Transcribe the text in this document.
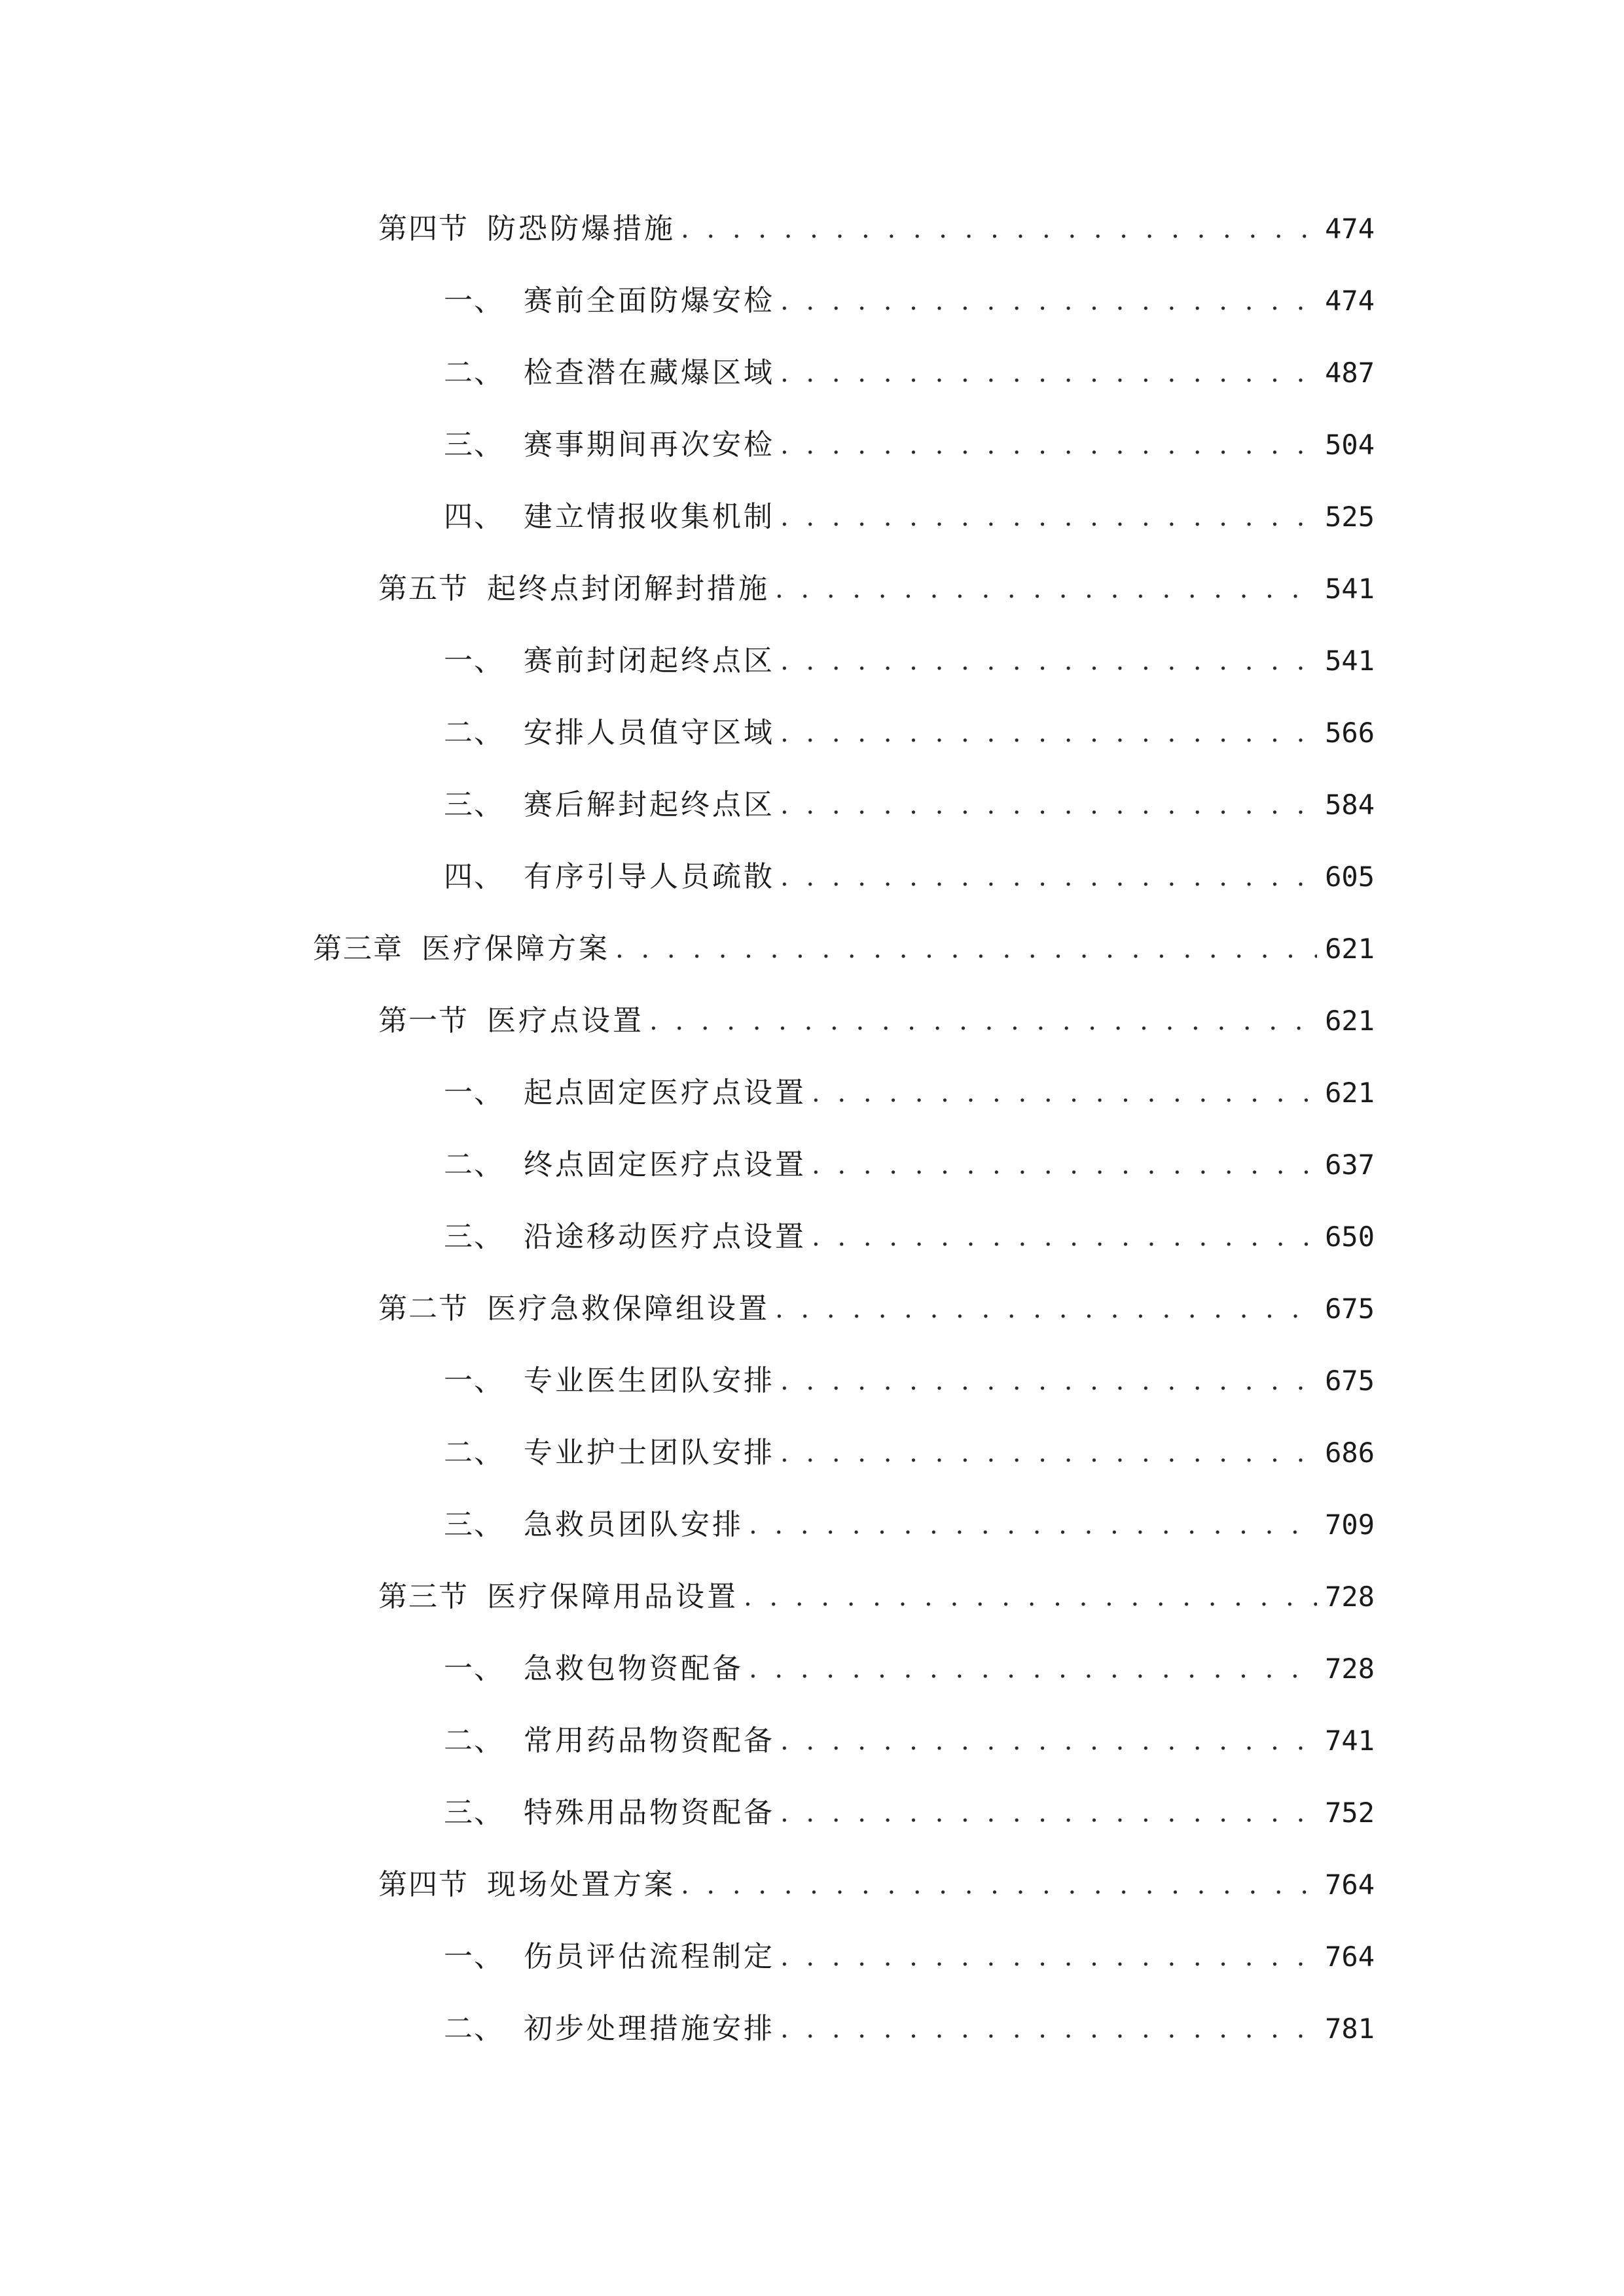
第四节 防恐防爆措施 . . .	474
一、 赛前全面防爆安检 . . .	474
二、 检查潜在藏爆区域 . . .	487
三、 赛事期间再次安检 . . .	504
四、 建立情报收集机制 . . .	525
第五节 起终点封闭解封措施 . . .	541
一、 赛前封闭起终点区 . . .	541
二、 安排人员值守区域 . . .	566
三、 赛后解封起终点区 . . .	584
四、 有序引导人员疏散 . . .	605
第三章 医疗保障方案 . . .	621
第一节 医疗点设置 . . .	621
一、 起点固定医疗点设置 . . .	621
二、 终点固定医疗点设置 . . .	637
三、 沿途移动医疗点设置 . . .	650
第二节 医疗急救保障组设置 . . .	675
一、 专业医生团队安排 . . .	675
二、 专业护士团队安排 . . .	686
三、 急救员团队安排 . . .	709
第三节 医疗保障用品设置 . . .	728
一、 急救包物资配备 . . .	728
二、 常用药品物资配备 . . .	741
三、 特殊用品物资配备 . . .	752
第四节 现场处置方案 . . .	764
一、 伤员评估流程制定 . . .	764
二、 初步处理措施安排 . . .	781
